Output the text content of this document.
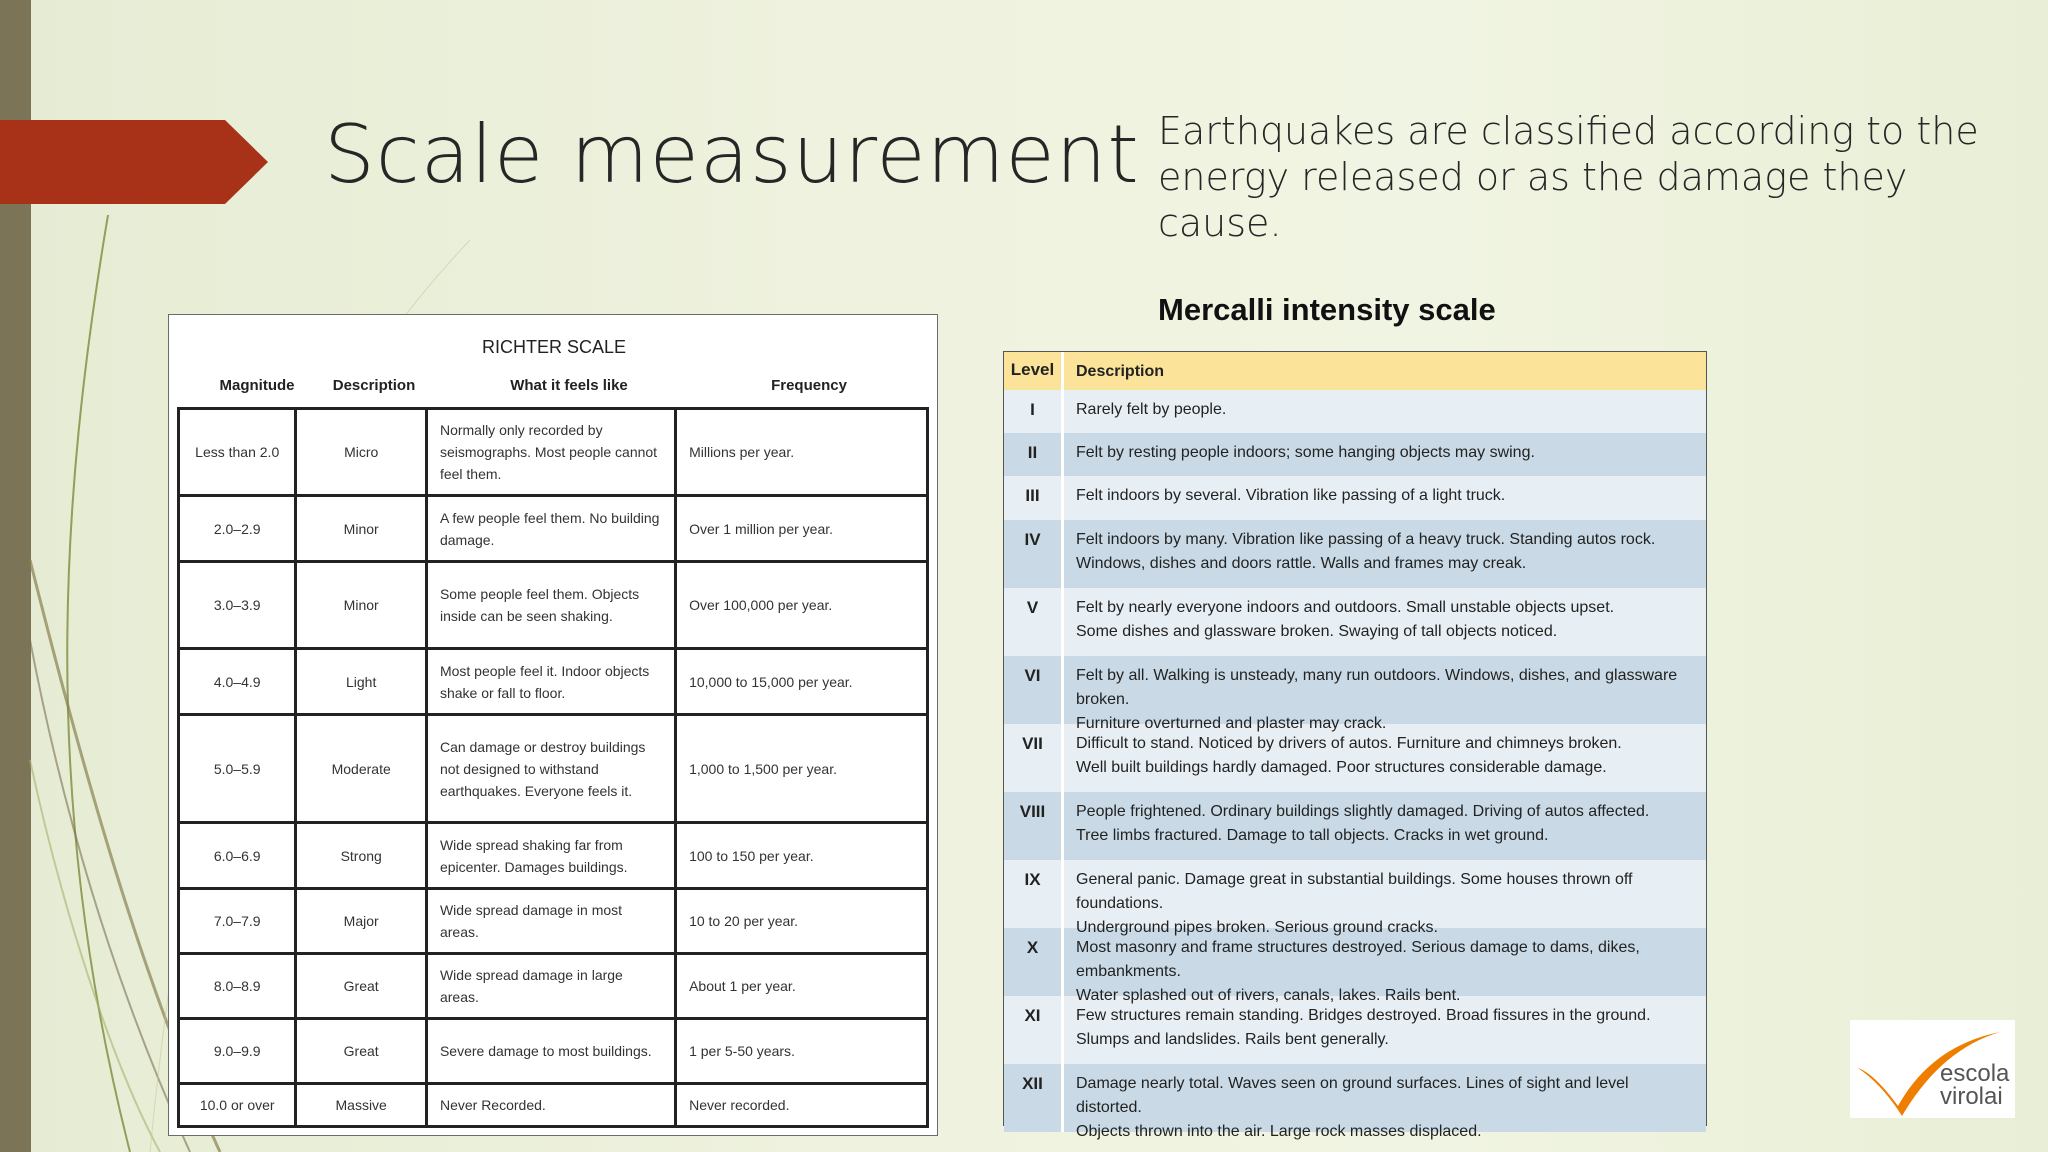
Scale measurement Earthquakes are classified according to the energy released or as the damage they cause.
Mercalli intensity scale
RICHTER SCALE
Magnitude	Description	What it feels like	Frequency
Less than 2.0	Micro	Normally only recorded by seismographs. Most people cannot feel them.	Millions per year.
2.0–2.9	Minor	A few people feel them. No building damage.	Over 1 million per year.
3.0–3.9	Minor	Some people feel them. Objects inside can be seen shaking.	Over 100,000 per year.
4.0–4.9	Light	Most people feel it. Indoor objects shake or fall to floor.	10,000 to 15,000 per year.
5.0–5.9	Moderate	Can damage or destroy buildings not designed to withstand earthquakes. Everyone feels it.	1,000 to 1,500 per year.
6.0–6.9	Strong	Wide spread shaking far from epicenter. Damages buildings.	100 to 150 per year.
7.0–7.9	Major	Wide spread damage in most areas.	10 to 20 per year.
8.0–8.9	Great	Wide spread damage in large areas.	About 1 per year.
9.0–9.9	Great	Severe damage to most buildings.	1 per 5-50 years.
10.0 or over	Massive	Never Recorded.	Never recorded.
Level	Description
I	Rarely felt by people.
II	Felt by resting people indoors; some hanging objects may swing.
III	Felt indoors by several. Vibration like passing of a light truck.
IV	Felt indoors by many. Vibration like passing of a heavy truck. Standing autos rock.
Windows, dishes and doors rattle. Walls and frames may creak.
V	Felt by nearly everyone indoors and outdoors. Small unstable objects upset.
Some dishes and glassware broken. Swaying of tall objects noticed.
VI	Felt by all. Walking is unsteady, many run outdoors. Windows, dishes, and glassware broken.
Furniture overturned and plaster may crack.
VII	Difficult to stand. Noticed by drivers of autos. Furniture and chimneys broken.
Well built buildings hardly damaged. Poor structures considerable damage.
VIII	People frightened. Ordinary buildings slightly damaged. Driving of autos affected.
Tree limbs fractured. Damage to tall objects. Cracks in wet ground.
IX	General panic. Damage great in substantial buildings. Some houses thrown off foundations.
Underground pipes broken. Serious ground cracks.
X	Most masonry and frame structures destroyed. Serious damage to dams, dikes, embankments.
Water splashed out of rivers, canals, lakes. Rails bent.
XI	Few structures remain standing. Bridges destroyed. Broad fissures in the ground.
Slumps and landslides. Rails bent generally.
XII	Damage nearly total. Waves seen on ground surfaces. Lines of sight and level distorted.
Objects thrown into the air. Large rock masses displaced.
escola
virolai
